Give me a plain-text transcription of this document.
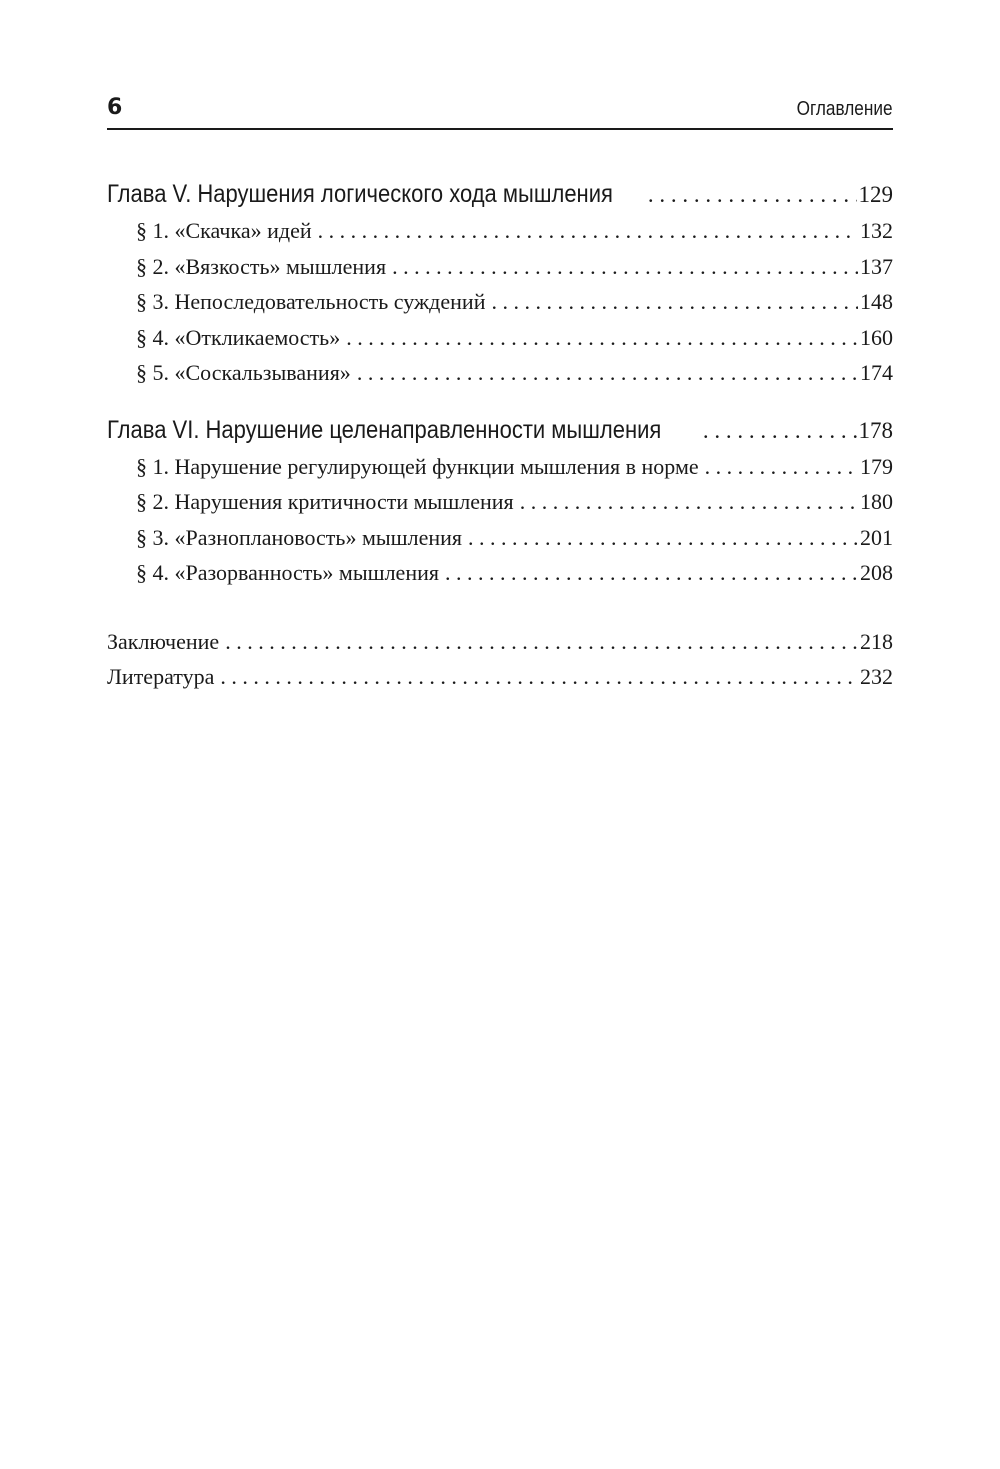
6	Оглавление
Глава V. Нарушения логического хода мышления . . .	129
§ 1. «Скачка» идей . . .	132
§ 2. «Вязкость» мышления . . .	137
§ 3. Непоследовательность суждений . . .	148
§ 4. «Откликаемость» . . .	160
§ 5. «Соскальзывания» . . .	174
Глава VI. Нарушение целенаправленности мышления . . .	178
§ 1. Нарушение регулирующей функции мышления в норме . . .	179
§ 2. Нарушения критичности мышления . . .	180
§ 3. «Разноплановость» мышления . . .	201
§ 4. «Разорванность» мышления . . .	208
Заключение . . .	218
Литература . . .	232
